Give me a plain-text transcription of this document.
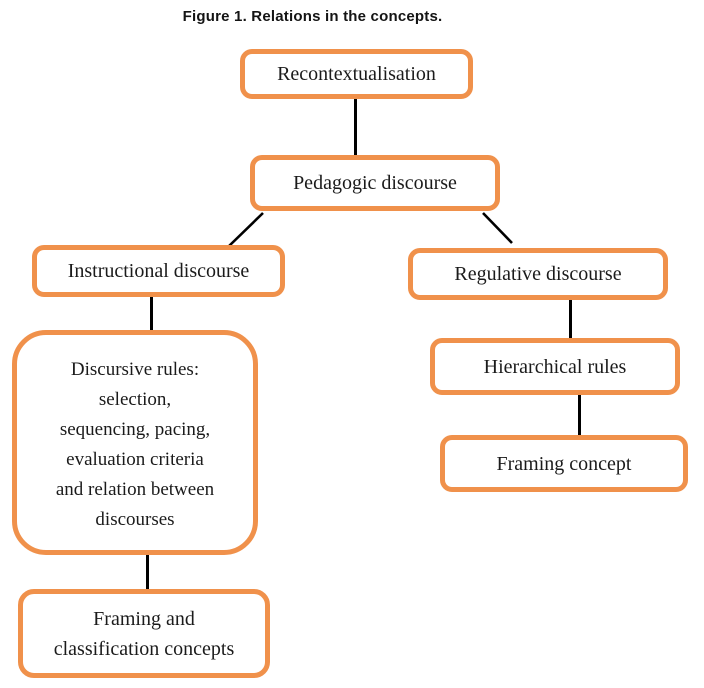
Figure 1. Relations in the concepts.
Recontextualisation
Pedagogic discourse
Instructional discourse	Regulative discourse
Discursive rules:
selection,
sequencing, pacing,
evaluation criteria
and relation between
discourses
Framing and
classification concepts
Hierarchical rules
Framing concept
